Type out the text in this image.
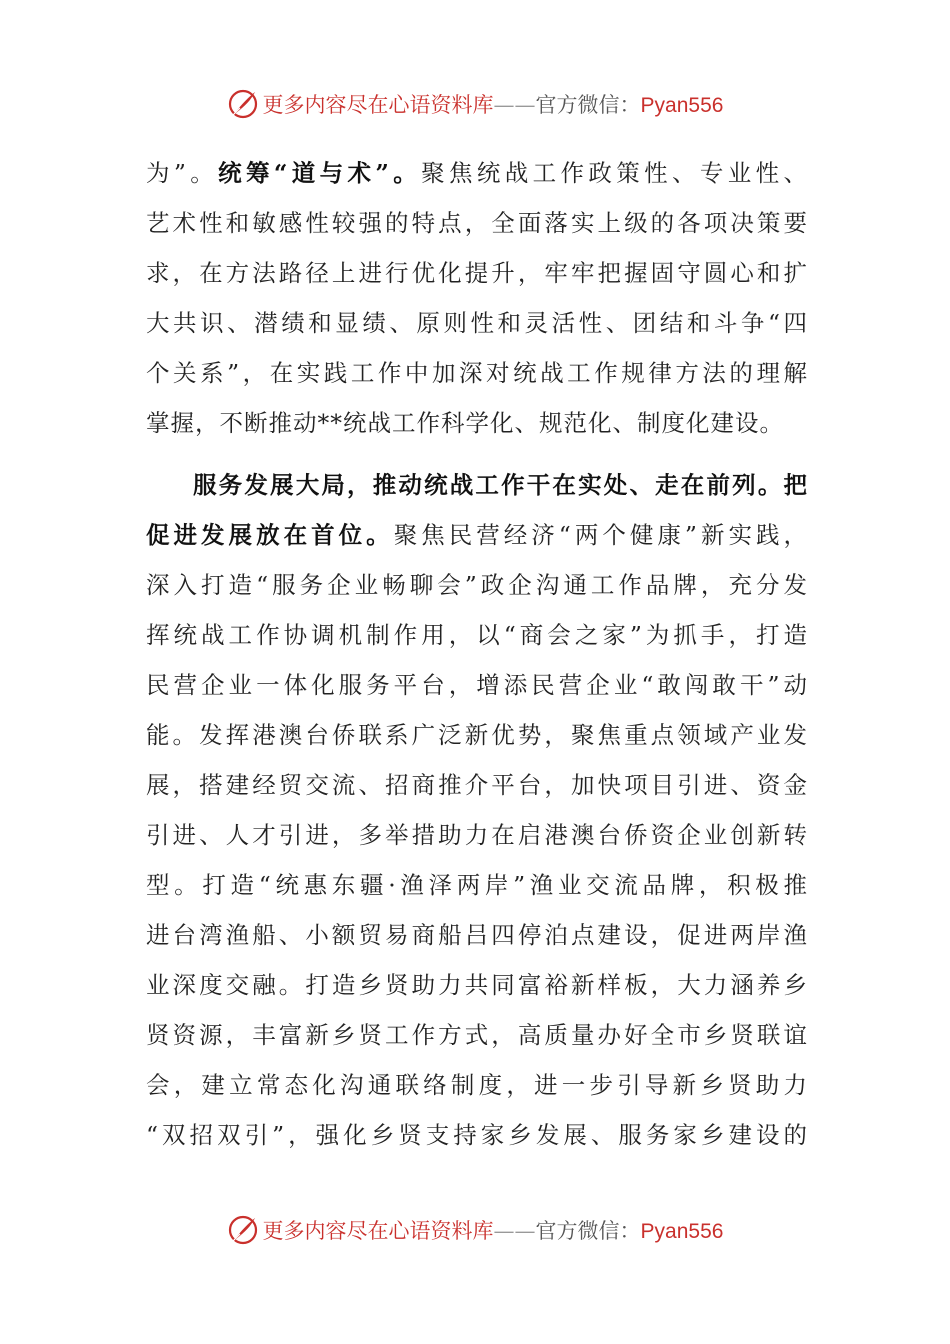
更多内容尽在心语资料库——官方微信：Pyan556
为”。统筹“道与术”。聚焦统战工作政策性、专业性、
艺术性和敏感性较强的特点，全面落实上级的各项决策要
求，在方法路径上进行优化提升，牢牢把握固守圆心和扩
大共识、潜绩和显绩、原则性和灵活性、团结和斗争“四
个关系”，在实践工作中加深对统战工作规律方法的理解
掌握，不断推动**统战工作科学化、规范化、制度化建设。
服务发展大局，推动统战工作干在实处、走在前列。把
促进发展放在首位。聚焦民营经济“两个健康”新实践，
深入打造“服务企业畅聊会”政企沟通工作品牌，充分发
挥统战工作协调机制作用，以“商会之家”为抓手，打造
民营企业一体化服务平台，增添民营企业“敢闯敢干”动
能。发挥港澳台侨联系广泛新优势，聚焦重点领域产业发
展，搭建经贸交流、招商推介平台，加快项目引进、资金
引进、人才引进，多举措助力在启港澳台侨资企业创新转
型。打造“统惠东疆·渔泽两岸”渔业交流品牌，积极推
进台湾渔船、小额贸易商船吕四停泊点建设，促进两岸渔
业深度交融。打造乡贤助力共同富裕新样板，大力涵养乡
贤资源，丰富新乡贤工作方式，高质量办好全市乡贤联谊
会，建立常态化沟通联络制度，进一步引导新乡贤助力
“双招双引”，强化乡贤支持家乡发展、服务家乡建设的
更多内容尽在心语资料库——官方微信：Pyan556
